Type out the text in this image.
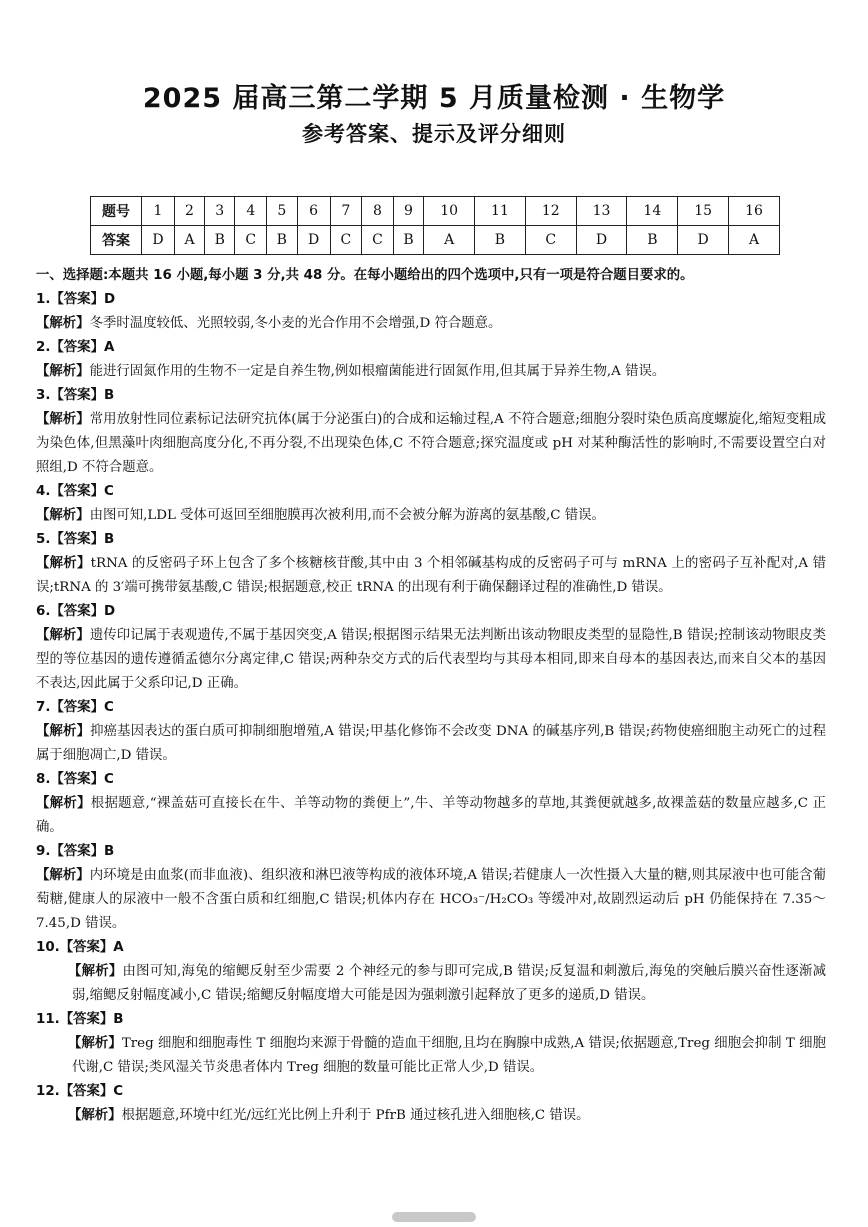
2025 届高三第二学期 5 月质量检测 · 生物学
参考答案、提示及评分细则
题号	1	2	3	4	5	6	7	8	9	10	11	12	13	14	15	16
答案	D	A	B	C	B	D	C	C	B	A	B	C	D	B	D	A
一、选择题:本题共 16 小题,每小题 3 分,共 48 分。在每小题给出的四个选项中,只有一项是符合题目要求的。
1.【答案】D
【解析】冬季时温度较低、光照较弱,冬小麦的光合作用不会增强,D 符合题意。
2.【答案】A
【解析】能进行固氮作用的生物不一定是自养生物,例如根瘤菌能进行固氮作用,但其属于异养生物,A 错误。
3.【答案】B
【解析】常用放射性同位素标记法研究抗体(属于分泌蛋白)的合成和运输过程,A 不符合题意;细胞分裂时染色质高度螺旋化,缩短变粗成为染色体,但黑藻叶肉细胞高度分化,不再分裂,不出现染色体,C 不符合题意;探究温度或 pH 对某种酶活性的影响时,不需要设置空白对照组,D 不符合题意。
4.【答案】C
【解析】由图可知,LDL 受体可返回至细胞膜再次被利用,而不会被分解为游离的氨基酸,C 错误。
5.【答案】B
【解析】tRNA 的反密码子环上包含了多个核糖核苷酸,其中由 3 个相邻碱基构成的反密码子可与 mRNA 上的密码子互补配对,A 错误;tRNA 的 3′端可携带氨基酸,C 错误;根据题意,校正 tRNA 的出现有利于确保翻译过程的准确性,D 错误。
6.【答案】D
【解析】遗传印记属于表观遗传,不属于基因突变,A 错误;根据图示结果无法判断出该动物眼皮类型的显隐性,B 错误;控制该动物眼皮类型的等位基因的遗传遵循孟德尔分离定律,C 错误;两种杂交方式的后代表型均与其母本相同,即来自母本的基因表达,而来自父本的基因不表达,因此属于父系印记,D 正确。
7.【答案】C
【解析】抑癌基因表达的蛋白质可抑制细胞增殖,A 错误;甲基化修饰不会改变 DNA 的碱基序列,B 错误;药物使癌细胞主动死亡的过程属于细胞凋亡,D 错误。
8.【答案】C
【解析】根据题意,“裸盖菇可直接长在牛、羊等动物的粪便上”,牛、羊等动物越多的草地,其粪便就越多,故裸盖菇的数量应越多,C 正确。
9.【答案】B
【解析】内环境是由血浆(而非血液)、组织液和淋巴液等构成的液体环境,A 错误;若健康人一次性摄入大量的糖,则其尿液中也可能含葡萄糖,健康人的尿液中一般不含蛋白质和红细胞,C 错误;机体内存在 HCO₃⁻/H₂CO₃ 等缓冲对,故剧烈运动后 pH 仍能保持在 7.35～7.45,D 错误。
10.【答案】A
【解析】由图可知,海兔的缩鳃反射至少需要 2 个神经元的参与即可完成,B 错误;反复温和刺激后,海兔的突触后膜兴奋性逐渐减弱,缩鳃反射幅度减小,C 错误;缩鳃反射幅度增大可能是因为强刺激引起释放了更多的递质,D 错误。
11.【答案】B
【解析】Treg 细胞和细胞毒性 T 细胞均来源于骨髓的造血干细胞,且均在胸腺中成熟,A 错误;依据题意,Treg 细胞会抑制 T 细胞代谢,C 错误;类风湿关节炎患者体内 Treg 细胞的数量可能比正常人少,D 错误。
12.【答案】C
【解析】根据题意,环境中红光/远红光比例上升利于 PfrB 通过核孔进入细胞核,C 错误。
